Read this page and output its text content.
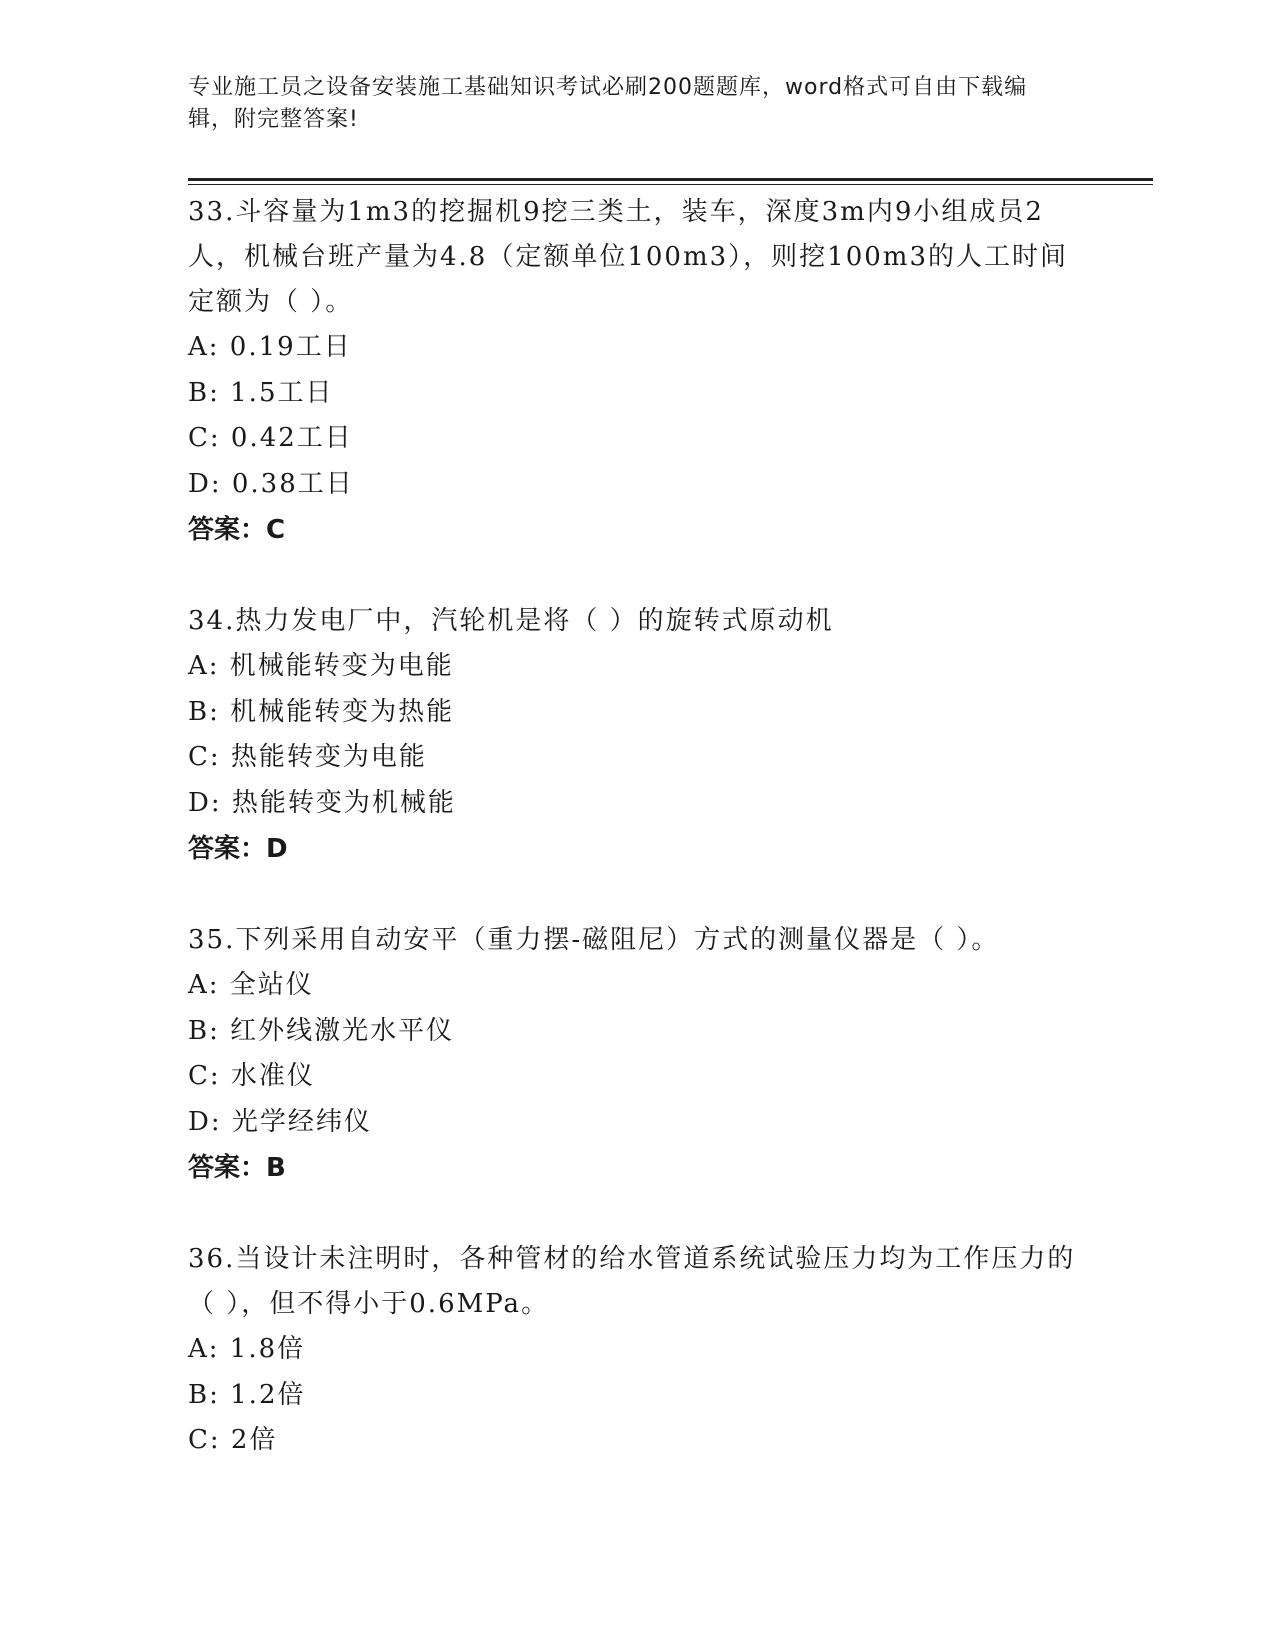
专业施工员之设备安装施工基础知识考试必刷200题题库，word格式可自由下载编辑，附完整答案!

33.斗容量为1m3的挖掘机9挖三类土，装车，深度3m内9小组成员2人，机械台班产量为4.8（定额单位100m3），则挖100m3的人工时间定额为（ ）。

A: 0.19工日

B: 1.5工日

C: 0.42工日

D: 0.38工日

答案：C

34.热力发电厂中，汽轮机是将（ ）的旋转式原动机

A: 机械能转变为电能

B: 机械能转变为热能

C: 热能转变为电能

D: 热能转变为机械能

答案：D

35.下列采用自动安平（重力摆-磁阻尼）方式的测量仪器是（ ）。

A: 全站仪

B: 红外线激光水平仪

C: 水准仪

D: 光学经纬仪

答案：B

36.当设计未注明时，各种管材的给水管道系统试验压力均为工作压力的（ ），但不得小于0.6MPa。

A: 1.8倍

B: 1.2倍

C: 2倍
